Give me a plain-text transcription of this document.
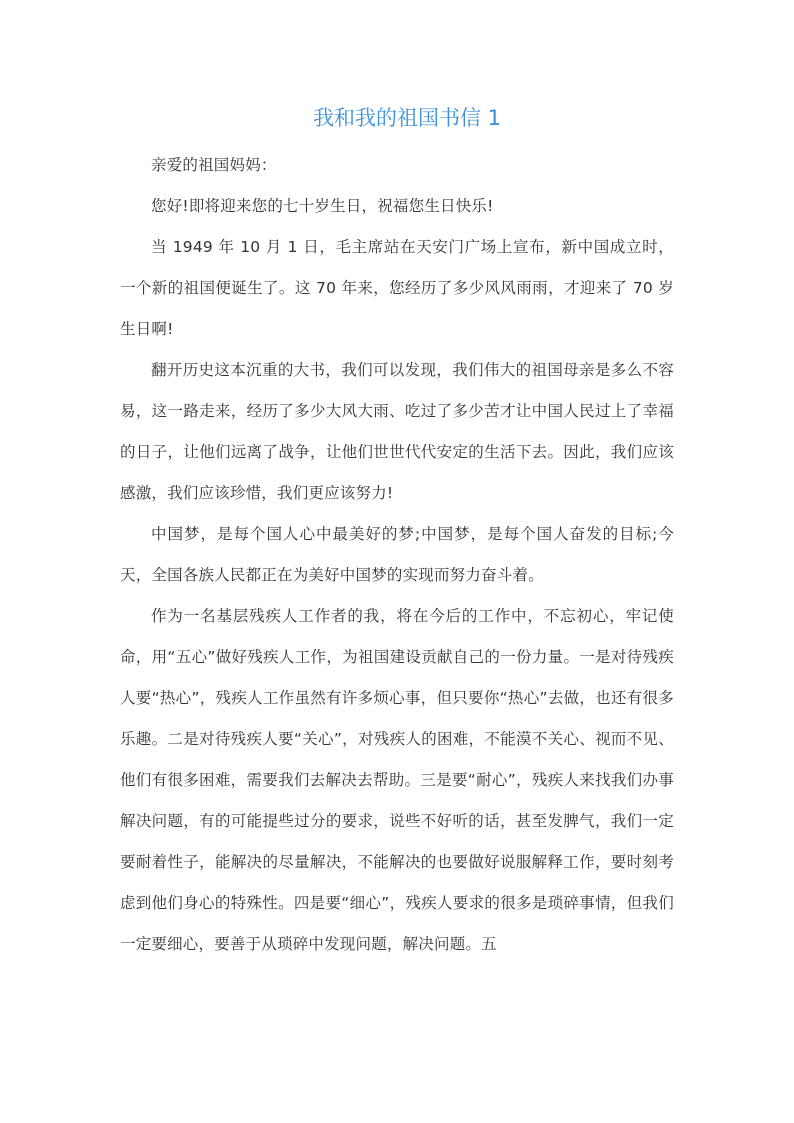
我和我的祖国书信 1

亲爱的祖国妈妈：

您好!即将迎来您的七十岁生日，祝福您生日快乐!

当 1949 年 10 月 1 日，毛主席站在天安门广场上宣布，新中国成立时，一个新的祖国便诞生了。这 70 年来，您经历了多少风风雨雨，才迎来了 70 岁生日啊!

翻开历史这本沉重的大书，我们可以发现，我们伟大的祖国母亲是多么不容易，这一路走来，经历了多少大风大雨、吃过了多少苦才让中国人民过上了幸福的日子，让他们远离了战争，让他们世世代代安定的生活下去。因此，我们应该感激，我们应该珍惜，我们更应该努力!

中国梦，是每个国人心中最美好的梦;中国梦，是每个国人奋发的目标;今天，全国各族人民都正在为美好中国梦的实现而努力奋斗着。

作为一名基层残疾人工作者的我，将在今后的工作中，不忘初心，牢记使命，用“五心”做好残疾人工作，为祖国建设贡献自己的一份力量。一是对待残疾人要“热心”，残疾人工作虽然有许多烦心事，但只要你“热心”去做，也还有很多乐趣。二是对待残疾人要“关心”，对残疾人的困难，不能漠不关心、视而不见、他们有很多困难，需要我们去解决去帮助。三是要“耐心”，残疾人来找我们办事解决问题，有的可能提些过分的要求，说些不好听的话，甚至发脾气，我们一定要耐着性子，能解决的尽量解决，不能解决的也要做好说服解释工作，要时刻考虑到他们身心的特殊性。四是要“细心”，残疾人要求的很多是琐碎事情，但我们一定要细心，要善于从琐碎中发现问题，解决问题。五
